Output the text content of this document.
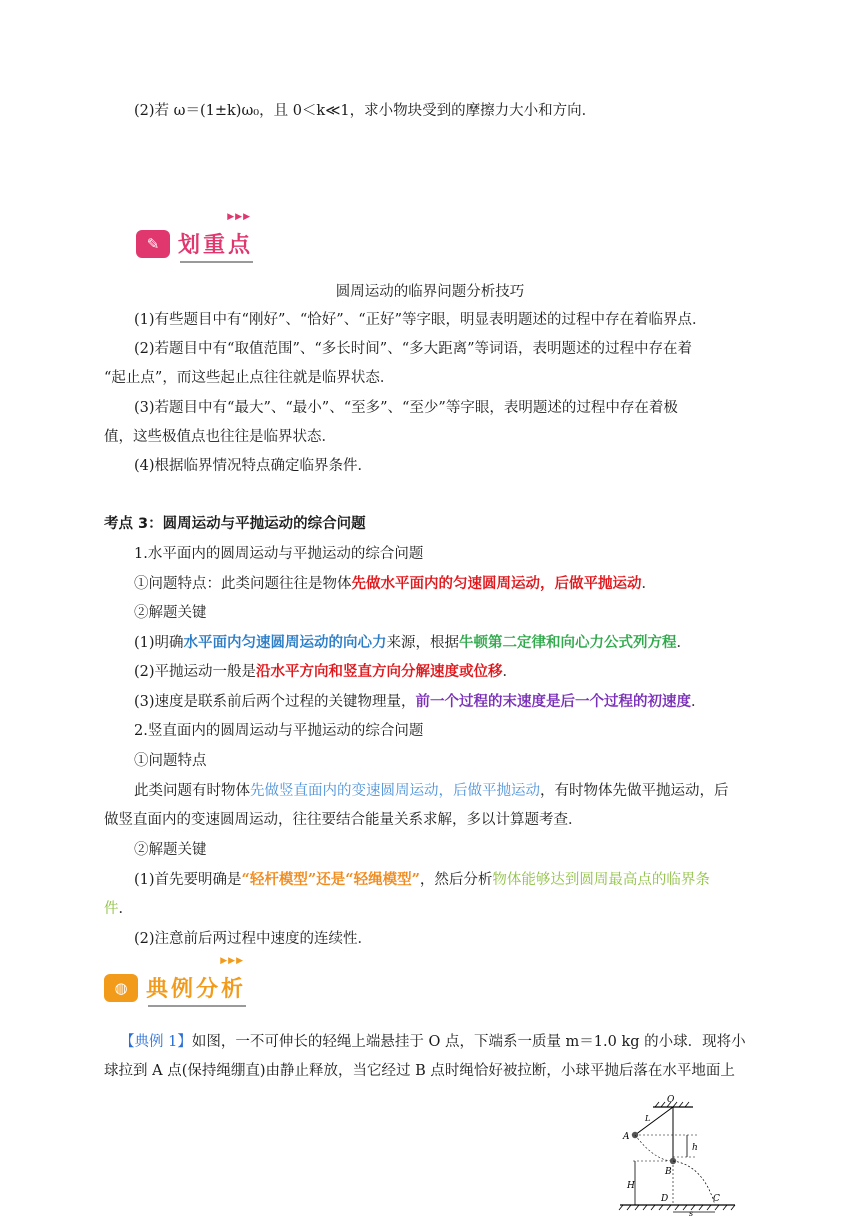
(2)若 ω＝(1±k)ω₀，且 0＜k≪1，求小物块受到的摩擦力大小和方向．
✎ 划重点
▶▶▶
圆周运动的临界问题分析技巧
(1)有些题目中有“刚好”、“恰好”、“正好”等字眼，明显表明题述的过程中存在着临界点．
(2)若题目中有“取值范围”、“多长时间”、“多大距离”等词语，表明题述的过程中存在着
“起止点”，而这些起止点往往就是临界状态．
(3)若题目中有“最大”、“最小”、“至多”、“至少”等字眼，表明题述的过程中存在着极
值，这些极值点也往往是临界状态．
(4)根据临界情况特点确定临界条件．
考点 3：圆周运动与平抛运动的综合问题
1.水平面内的圆周运动与平抛运动的综合问题
①问题特点：此类问题往往是物体先做水平面内的匀速圆周运动，后做平抛运动．
②解题关键
(1)明确水平面内匀速圆周运动的向心力来源，根据牛顿第二定律和向心力公式列方程．
(2)平抛运动一般是沿水平方向和竖直方向分解速度或位移．
(3)速度是联系前后两个过程的关键物理量，前一个过程的末速度是后一个过程的初速度．
2.竖直面内的圆周运动与平抛运动的综合问题
①问题特点
此类问题有时物体先做竖直面内的变速圆周运动，后做平抛运动，有时物体先做平抛运动，后
做竖直面内的变速圆周运动，往往要结合能量关系求解，多以计算题考查．
②解题关键
(1)首先要明确是“轻杆模型”还是“轻绳模型”，然后分析物体能够达到圆周最高点的临界条
件．
(2)注意前后两过程中速度的连续性．
◍ 典例分析
▶▶▶
【典例 1】如图，一不可伸长的轻绳上端悬挂于 O 点，下端系一质量 m＝1.0 kg 的小球．现将小
球拉到 A 点(保持绳绷直)由静止释放，当它经过 B 点时绳恰好被拉断，小球平抛后落在水平地面上
O
L
A
h
B
H
D	C
s
